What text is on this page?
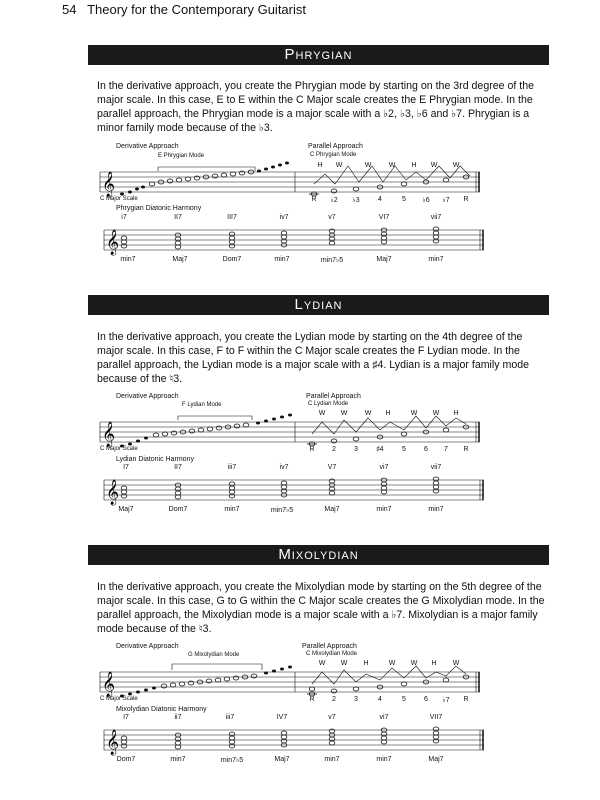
54 Theory for the Contemporary Guitarist
Phrygian
In the derivative approach, you create the Phrygian mode by starting on the 3rd degree of the major scale. In this case, E to E within the C Major scale creates the E Phrygian mode. In the parallel approach, the Phrygian mode is a major scale with a ♭2, ♭3, ♭6 and ♭7. Phrygian is a minor family mode because of the ♭3.
Derivative Approach
E Phrygian Mode
Parallel Approach
C Phrygian Mode
H W	W W H W W
𝄞
C Major Scale	R ♭2 ♭3	4	5 ♭6 ♭7 R
Phrygian Diatonic Harmony
i7	II7	III7	iv7	v7	VI7	vii7
𝄞
min7	Maj7	Dom7	min7	min7♭5	Maj7	min7
Lydian
In the derivative approach, you create the Lydian mode by starting on the 4th degree of the major scale. In this case, F to F within the C Major scale creates the F Lydian mode. In the parallel approach, the Lydian mode is a major scale with a ♯4. Lydian is a major family mode because of the ♮3.
Derivative Approach
F Lydian Mode
Parallel Approach
C Lydian Mode
W W W H	W W H
𝄞
C Major Scale	R	2	3	♯4	5	6 7 R
Lydian Diatonic Harmony
I7	II7	iii7	iv7	V7	vi7	vii7
𝄞
Maj7	Dom7	min7	min7♭5	Maj7	min7	min7
Mixolydian
In the derivative approach, you create the Mixolydian mode by starting on the 5th degree of the major scale. In this case, G to G within the C Major scale creates the G Mixolydian mode. In the parallel approach, the Mixolydian mode is a major scale with a ♭7. Mixolydian is a major family mode because of the ♮3.
Derivative Approach
G Mixolydian Mode
Parallel Approach
C Mixolydian Mode
W W H	W W H W
𝄞
C Major Scale	R	2	3	4	5	6 ♭7 R
Mixolydian Diatonic Harmony
I7	ii7	iii7	IV7	v7	vi7	VII7
𝄞
Dom7	min7	min7♭5	Maj7	min7	min7	Maj7
